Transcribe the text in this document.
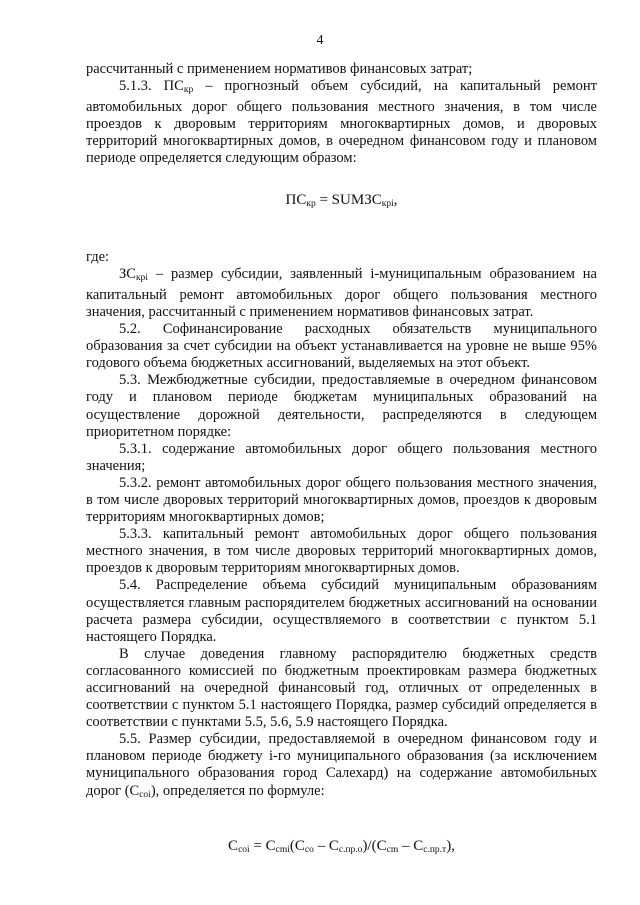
4

рассчитанный с применением нормативов финансовых затрат;

5.1.3. $ПС_{кр}$ – прогнозный объем субсидий, на капитальный ремонт автомобильных дорог общего пользования местного значения, в том числе проездов к дворовым территориям многоквартирных домов, и дворовых территорий многоквартирных домов, в очередном финансовом году и плановом периоде определяется следующим образом:

$ПС_{кр}$ = $SUMЗС_{крi}$,

где:

$ЗС_{крi}$ – размер субсидии, заявленный i-муниципальным образованием на капитальный ремонт автомобильных дорог общего пользования местного значения, рассчитанный с применением нормативов финансовых затрат.

5.2. Софинансирование расходных обязательств муниципального образования за счет субсидии на объект устанавливается на уровне не выше 95% годового объема бюджетных ассигнований, выделяемых на этот объект.

5.3. Межбюджетные субсидии, предоставляемые в очередном финансовом году и плановом периоде бюджетам муниципальных образований на осуществление дорожной деятельности, распределяются в следующем приоритетном порядке:

5.3.1. содержание автомобильных дорог общего пользования местного значения;

5.3.2. ремонт автомобильных дорог общего пользования местного значения, в том числе дворовых территорий многоквартирных домов, проездов к дворовым территориям многоквартирных домов;

5.3.3. капитальный ремонт автомобильных дорог общего пользования местного значения, в том числе дворовых территорий многоквартирных домов, проездов к дворовым территориям многоквартирных домов.

5.4. Распределение объема субсидий муниципальным образованиям осуществляется главным распорядителем бюджетных ассигнований на основании расчета размера субсидии, осуществляемого в соответствии с пунктом 5.1 настоящего Порядка.

В случае доведения главному распорядителю бюджетных средств согласованного комиссией по бюджетным проектировкам размера бюджетных ассигнований на очередной финансовый год, отличных от определенных в соответствии с пунктом 5.1 настоящего Порядка, размер субсидий определяется в соответствии с пунктами 5.5, 5.6, 5.9 настоящего Порядка.

5.5. Размер субсидии, предоставляемой в очередном финансовом году и плановом периоде бюджету i-го муниципального образования (за исключением муниципального образования город Салехард) на содержание автомобильных дорог $(С_{coi})$, определяется по формуле:

$С_{coi} = С_{cmi}(С_{со} - С_{с.пр.о})/(С_{cm} - С_{с.пр.т})$,
